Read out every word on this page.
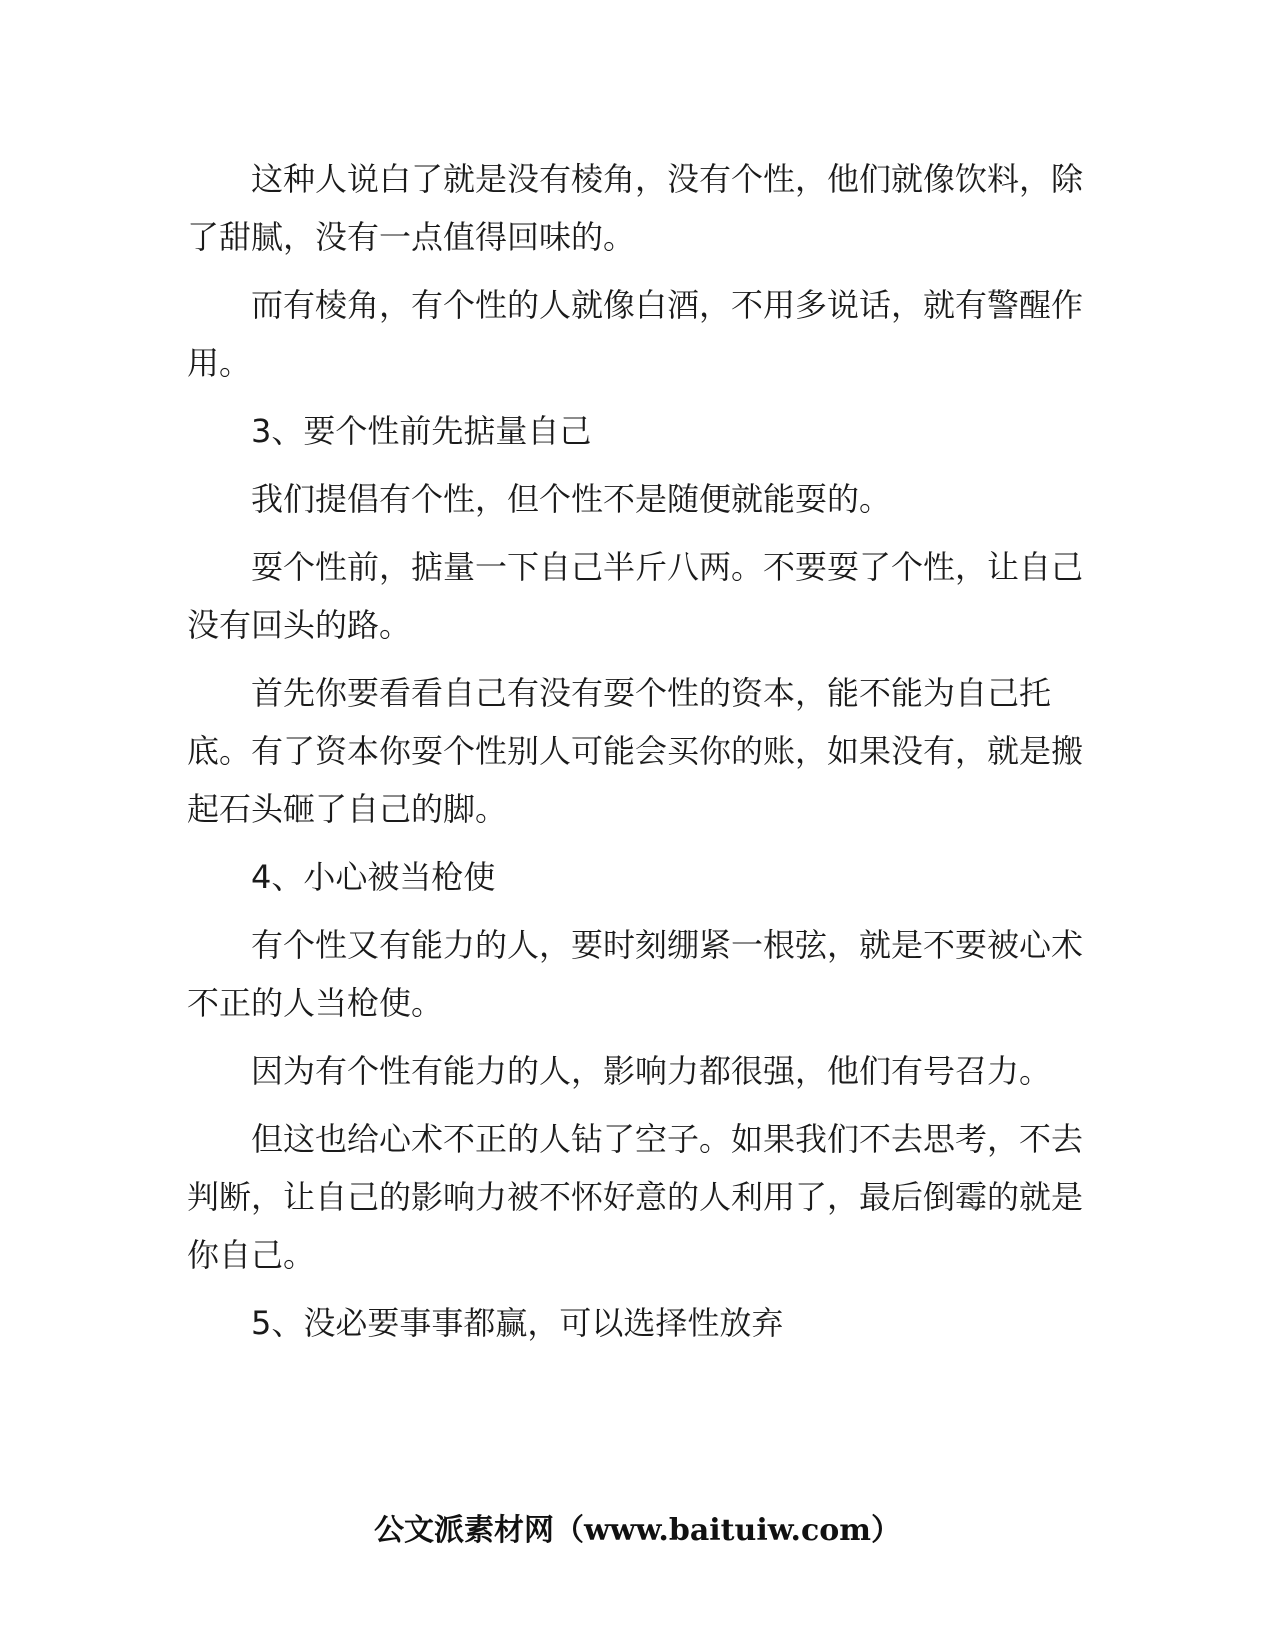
这种人说白了就是没有棱角，没有个性，他们就像饮料，除了甜腻，没有一点值得回味的。

而有棱角，有个性的人就像白酒，不用多说话，就有警醒作用。

3、要个性前先掂量自己

我们提倡有个性，但个性不是随便就能耍的。

耍个性前，掂量一下自己半斤八两。不要耍了个性，让自己没有回头的路。

首先你要看看自己有没有耍个性的资本，能不能为自己托底。有了资本你耍个性别人可能会买你的账，如果没有，就是搬起石头砸了自己的脚。

4、小心被当枪使

有个性又有能力的人，要时刻绷紧一根弦，就是不要被心术不正的人当枪使。

因为有个性有能力的人，影响力都很强，他们有号召力。

但这也给心术不正的人钻了空子。如果我们不去思考，不去判断，让自己的影响力被不怀好意的人利用了，最后倒霉的就是你自己。

5、没必要事事都赢，可以选择性放弃

公文派素材网（www.baituiw.com）
